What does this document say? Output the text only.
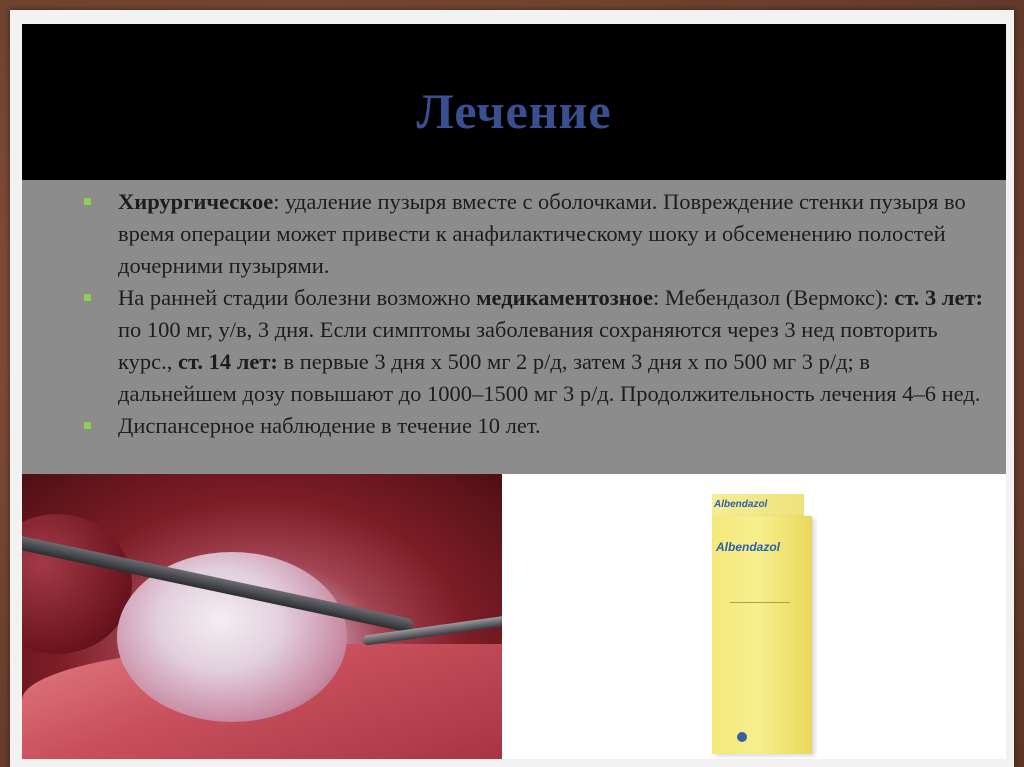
Лечение
Хирургическое: удаление пузыря вместе с оболочками. Повреждение стенки пузыря во время операции может привести к анафилактическому шоку и обсеменению полостей дочерними пузырями.
На ранней стадии болезни возможно медикаментозное: Мебендазол (Вермокс): ст. 3 лет: по 100 мг, у/в, 3 дня. Если симптомы заболевания сохраняются через 3 нед повторить курс., ст. 14 лет: в первые 3 дня х 500 мг 2 р/д, затем 3 дня х по 500 мг 3 р/д; в дальнейшем дозу повышают до 1000–1500 мг 3 р/д. Продолжительность лечения 4–6 нед.
Диспансерное наблюдение в течение 10 лет.
Albendazol
Albendazol
